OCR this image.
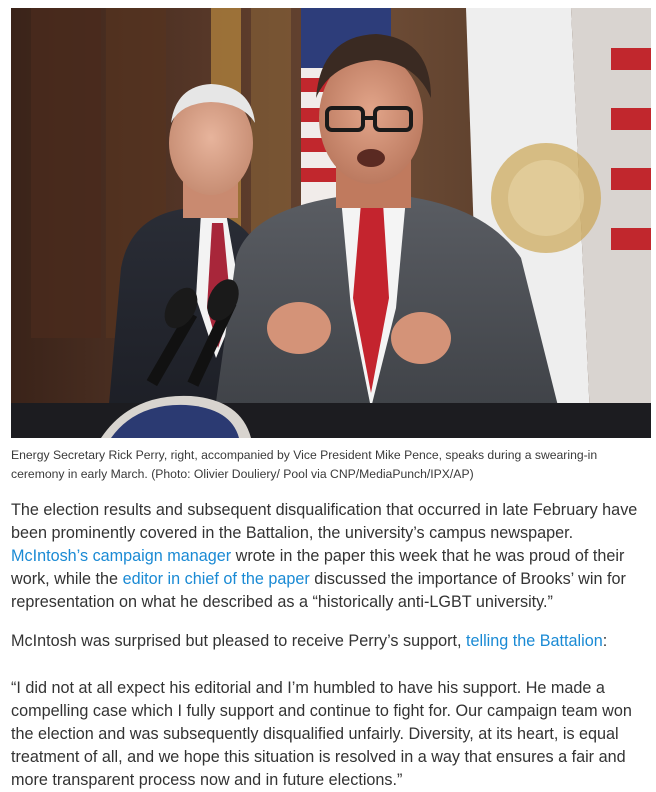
Energy Secretary Rick Perry, right, accompanied by Vice President Mike Pence, speaks during a swearing-in ceremony in early March. (Photo: Olivier Douliery/ Pool via CNP/MediaPunch/IPX/AP)

The election results and subsequent disqualification that occurred in late February have been prominently covered in the Battalion, the university’s campus newspaper. McIntosh’s campaign manager wrote in the paper this week that he was proud of their work, while the editor in chief of the paper discussed the importance of Brooks’ win for representation on what he described as a “historically anti-LGBT university.”

McIntosh was surprised but pleased to receive Perry’s support, telling the Battalion:

“I did not at all expect his editorial and I’m humbled to have his support. He made a compelling case which I fully support and continue to fight for. Our campaign team won the election and was subsequently disqualified unfairly. Diversity, at its heart, is equal treatment of all, and we hope this situation is resolved in a way that ensures a fair and more transparent process now and in future elections.”
